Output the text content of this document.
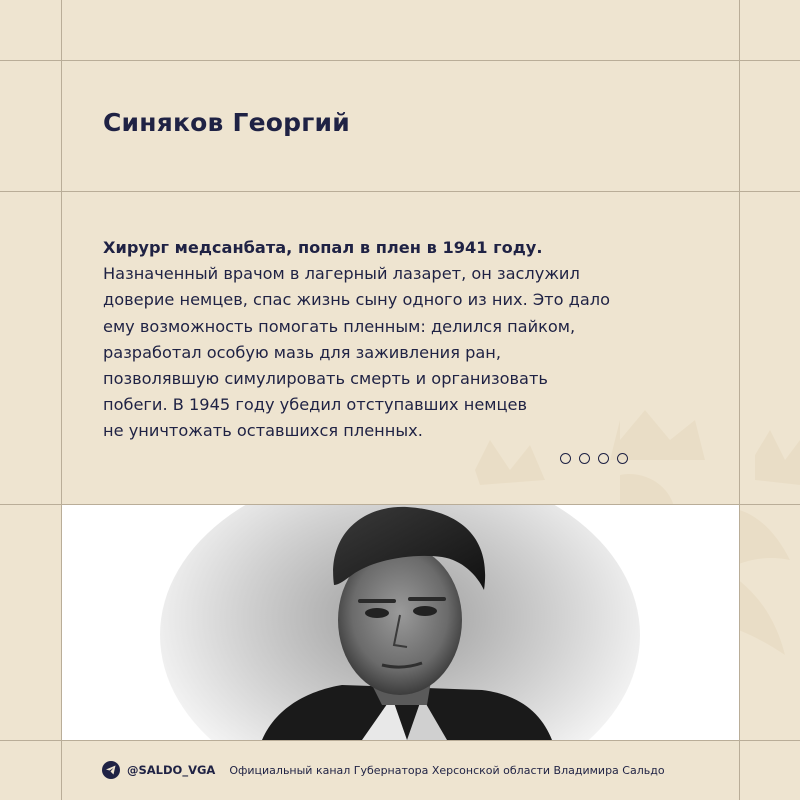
Синяков Георгий
Хирург медсанбата, попал в плен в 1941 году.
Назначенный врачом в лагерный лазарет, он заслужил
доверие немцев, спас жизнь сыну одного из них. Это дало
ему возможность помогать пленным: делился пайком,
разработал особую мазь для заживления ран,
позволявшую симулировать смерть и организовать
побеги. В 1945 году убедил отступавших немцев
не уничтожать оставшихся пленных.
@SALDO_VGA Официальный канал Губернатора Херсонской области Владимира Сальдо
